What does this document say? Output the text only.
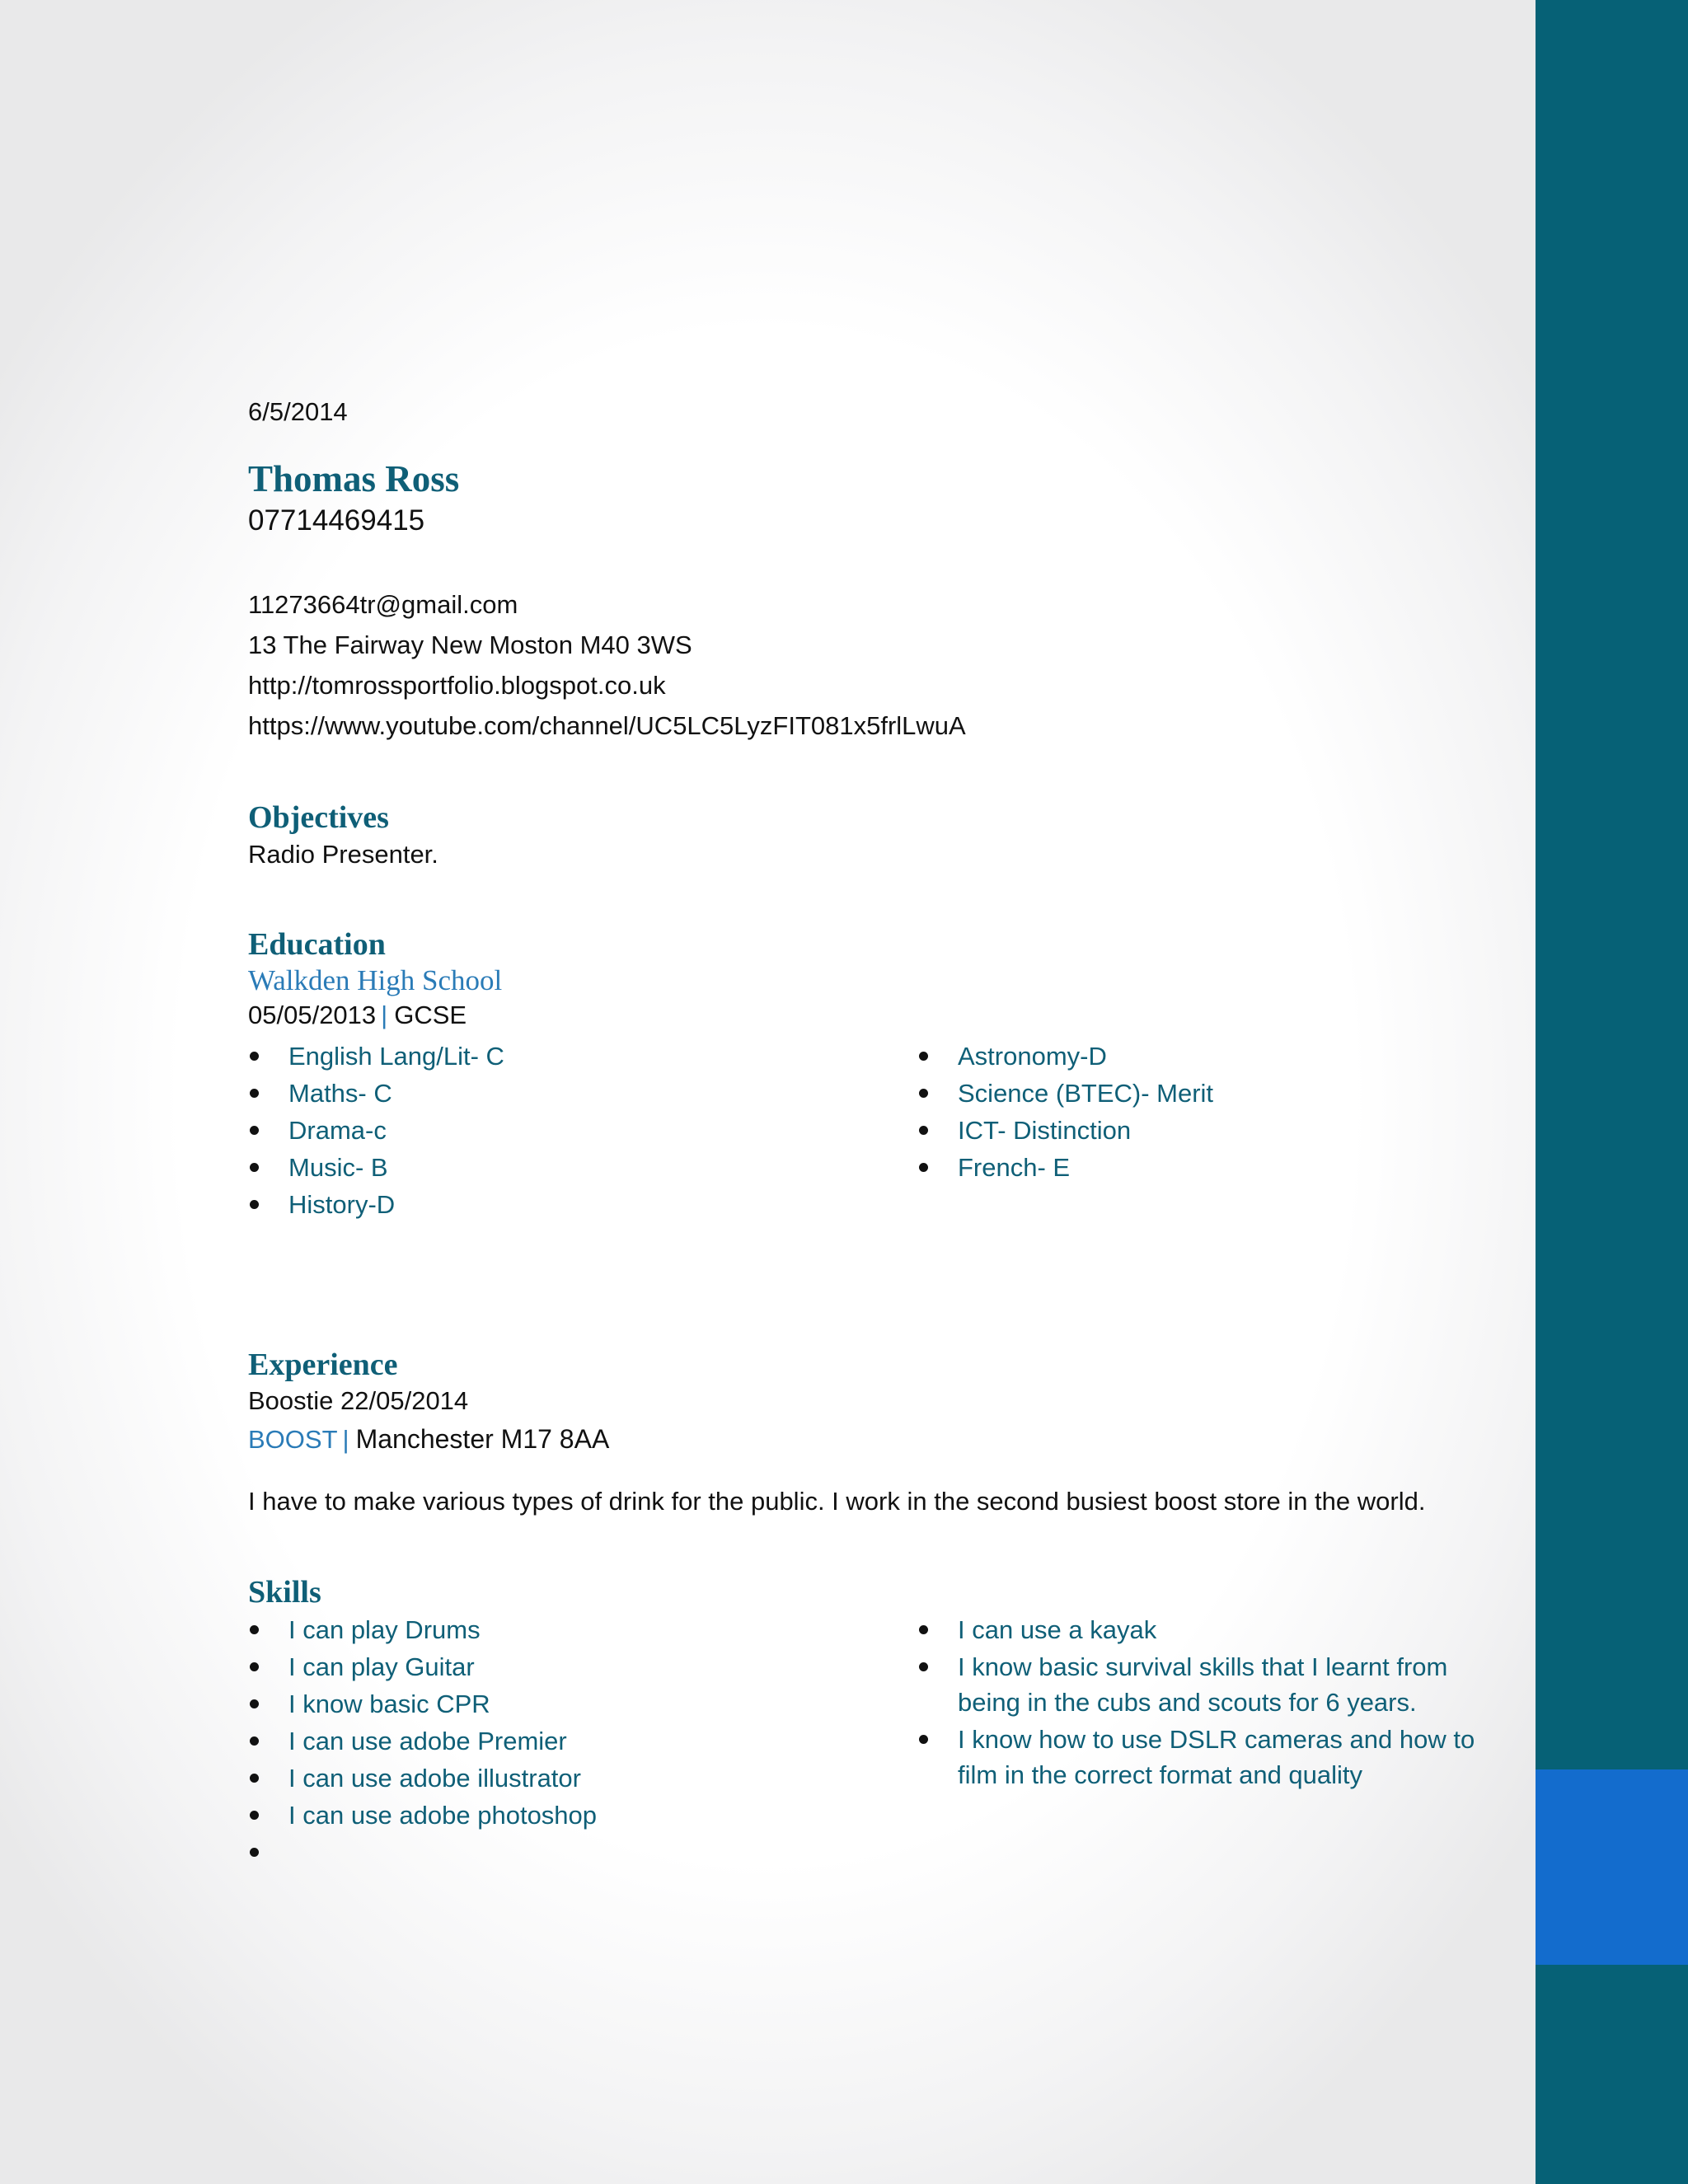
6/5/2014
Thomas Ross
07714469415
11273664tr@gmail.com
13 The Fairway New Moston M40 3WS
http://tomrossportfolio.blogspot.co.uk
https://www.youtube.com/channel/UC5LC5LyzFIT081x5frlLwuA
Objectives
Radio Presenter.
Education
Walkden High School
05/05/2013 | GCSE
English Lang/Lit- C
Maths- C
Drama-c
Music- B
History-D
Astronomy-D
Science (BTEC)- Merit
ICT- Distinction
French- E
Experience
Boostie 22/05/2014
BOOST | Manchester M17 8AA
I have to make various types of drink for the public. I work in the second busiest boost store in the world.
Skills
I can play Drums
I can play Guitar
I know basic CPR
I can use adobe Premier
I can use adobe illustrator
I can use adobe photoshop
I can use a kayak
I know basic survival skills that I learnt from being in the cubs and scouts for 6 years.
I know how to use DSLR cameras and how to film in the correct format and quality
